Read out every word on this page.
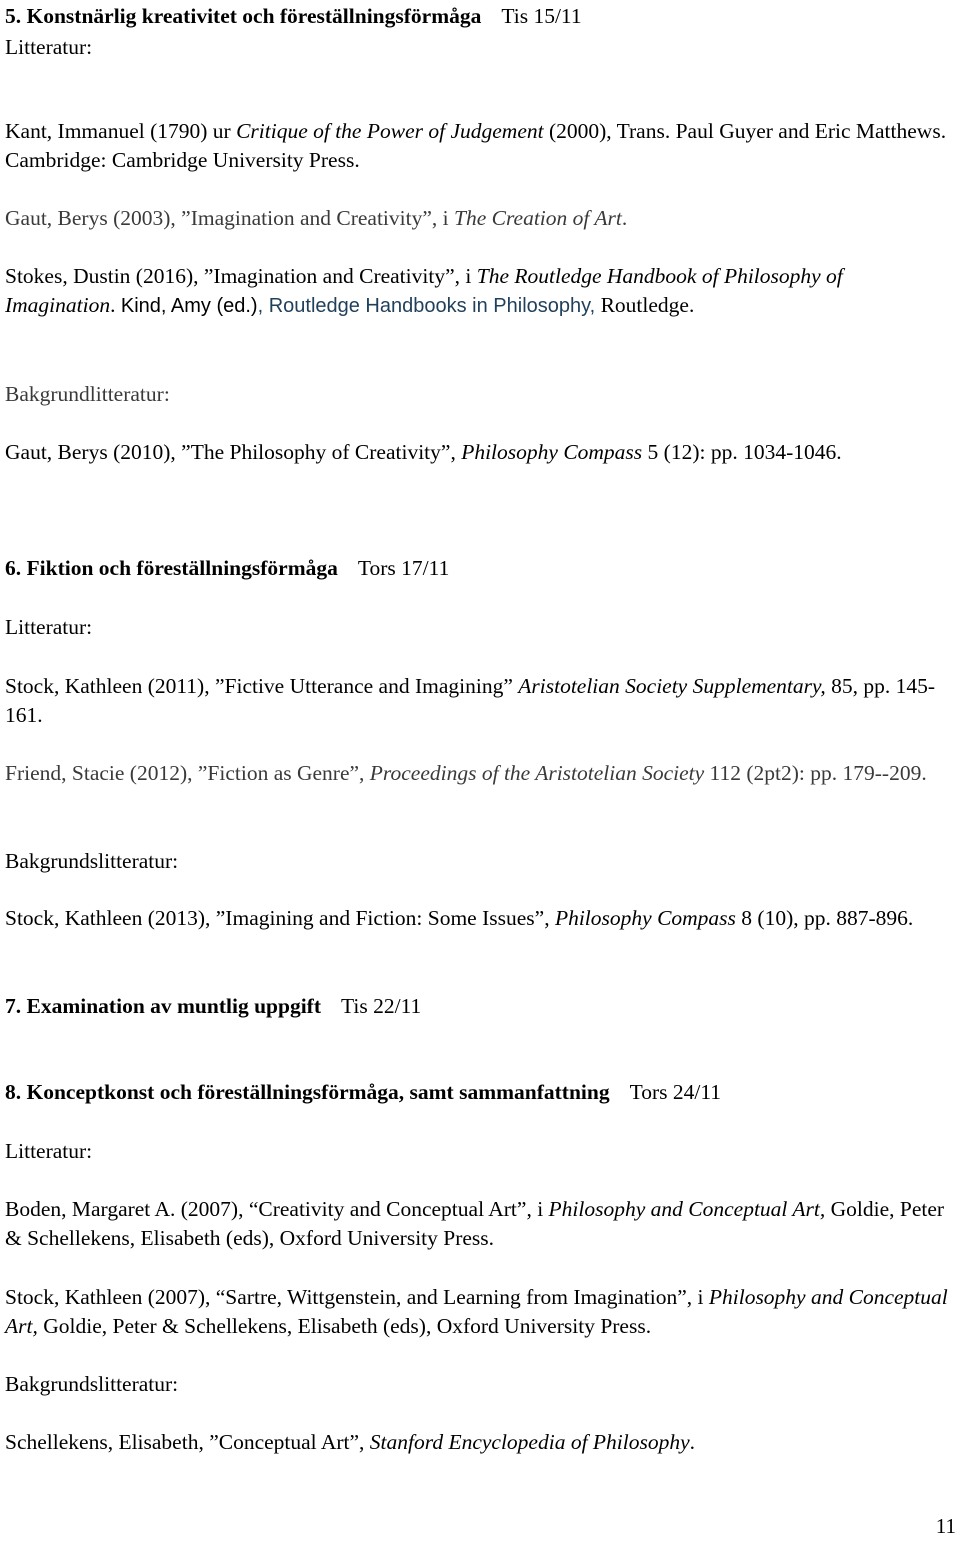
5. Konstnärlig kreativitet och föreställningsförmåga Tis 15/11

Litteratur:

Kant, Immanuel (1790) ur Critique of the Power of Judgement (2000), Trans. Paul Guyer and Eric Matthews. Cambridge: Cambridge University Press.

Gaut, Berys (2003), ”Imagination and Creativity”, i The Creation of Art.

Stokes, Dustin (2016), ”Imagination and Creativity”, i The Routledge Handbook of Philosophy of Imagination. Kind, Amy (ed.), Routledge Handbooks in Philosophy, Routledge.

Bakgrundlitteratur:

Gaut, Berys (2010), ”The Philosophy of Creativity”, Philosophy Compass 5 (12): pp. 1034-1046.

6. Fiktion och föreställningsförmåga Tors 17/11

Litteratur:

Stock, Kathleen (2011), ”Fictive Utterance and Imagining” Aristotelian Society Supplementary, 85, pp. 145-161.

Friend, Stacie (2012), ”Fiction as Genre”, Proceedings of the Aristotelian Society 112 (2pt2): pp. 179--209.

Bakgrundslitteratur:

Stock, Kathleen (2013), ”Imagining and Fiction: Some Issues”, Philosophy Compass 8 (10), pp. 887-896.

7. Examination av muntlig uppgift Tis 22/11

8. Konceptkonst och föreställningsförmåga, samt sammanfattning Tors 24/11

Litteratur:

Boden, Margaret A. (2007), “Creativity and Conceptual Art”, i Philosophy and Conceptual Art, Goldie, Peter & Schellekens, Elisabeth (eds), Oxford University Press.

Stock, Kathleen (2007), “Sartre, Wittgenstein, and Learning from Imagination”, i Philosophy and Conceptual Art, Goldie, Peter & Schellekens, Elisabeth (eds), Oxford University Press.

Bakgrundslitteratur:

Schellekens, Elisabeth, ”Conceptual Art”, Stanford Encyclopedia of Philosophy.

11
